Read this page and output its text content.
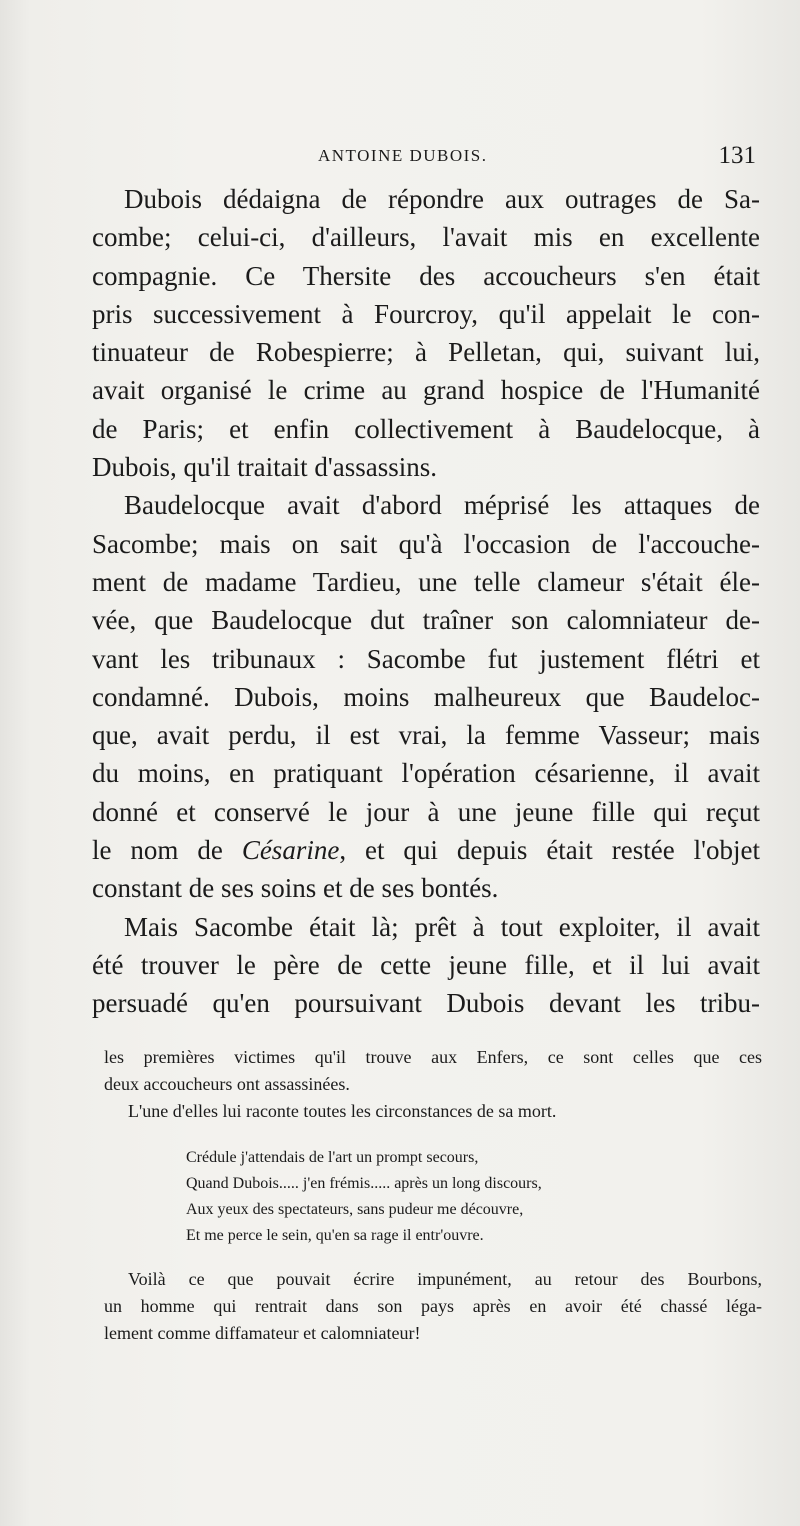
ANTOINE DUBOIS.	131
Dubois dédaigna de répondre aux outrages de Sa-
combe; celui-ci, d'ailleurs, l'avait mis en excellente
compagnie. Ce Thersite des accoucheurs s'en était
pris successivement à Fourcroy, qu'il appelait le con-
tinuateur de Robespierre; à Pelletan, qui, suivant lui,
avait organisé le crime au grand hospice de l'Humanité
de Paris; et enfin collectivement à Baudelocque, à
Dubois, qu'il traitait d'assassins.
Baudelocque avait d'abord méprisé les attaques de
Sacombe; mais on sait qu'à l'occasion de l'accouche-
ment de madame Tardieu, une telle clameur s'était éle-
vée, que Baudelocque dut traîner son calomniateur de-
vant les tribunaux : Sacombe fut justement flétri et
condamné. Dubois, moins malheureux que Baudeloc-
que, avait perdu, il est vrai, la femme Vasseur; mais
du moins, en pratiquant l'opération césarienne, il avait
donné et conservé le jour à une jeune fille qui reçut
le nom de Césarine, et qui depuis était restée l'objet
constant de ses soins et de ses bontés.
Mais Sacombe était là; prêt à tout exploiter, il avait
été trouver le père de cette jeune fille, et il lui avait
persuadé qu'en poursuivant Dubois devant les tribu-
les premières victimes qu'il trouve aux Enfers, ce sont celles que ces
deux accoucheurs ont assassinées.
L'une d'elles lui raconte toutes les circonstances de sa mort.
Crédule j'attendais de l'art un prompt secours,
Quand Dubois..... j'en frémis..... après un long discours,
Aux yeux des spectateurs, sans pudeur me découvre,
Et me perce le sein, qu'en sa rage il entr'ouvre.
Voilà ce que pouvait écrire impunément, au retour des Bourbons,
un homme qui rentrait dans son pays après en avoir été chassé léga-
lement comme diffamateur et calomniateur!
